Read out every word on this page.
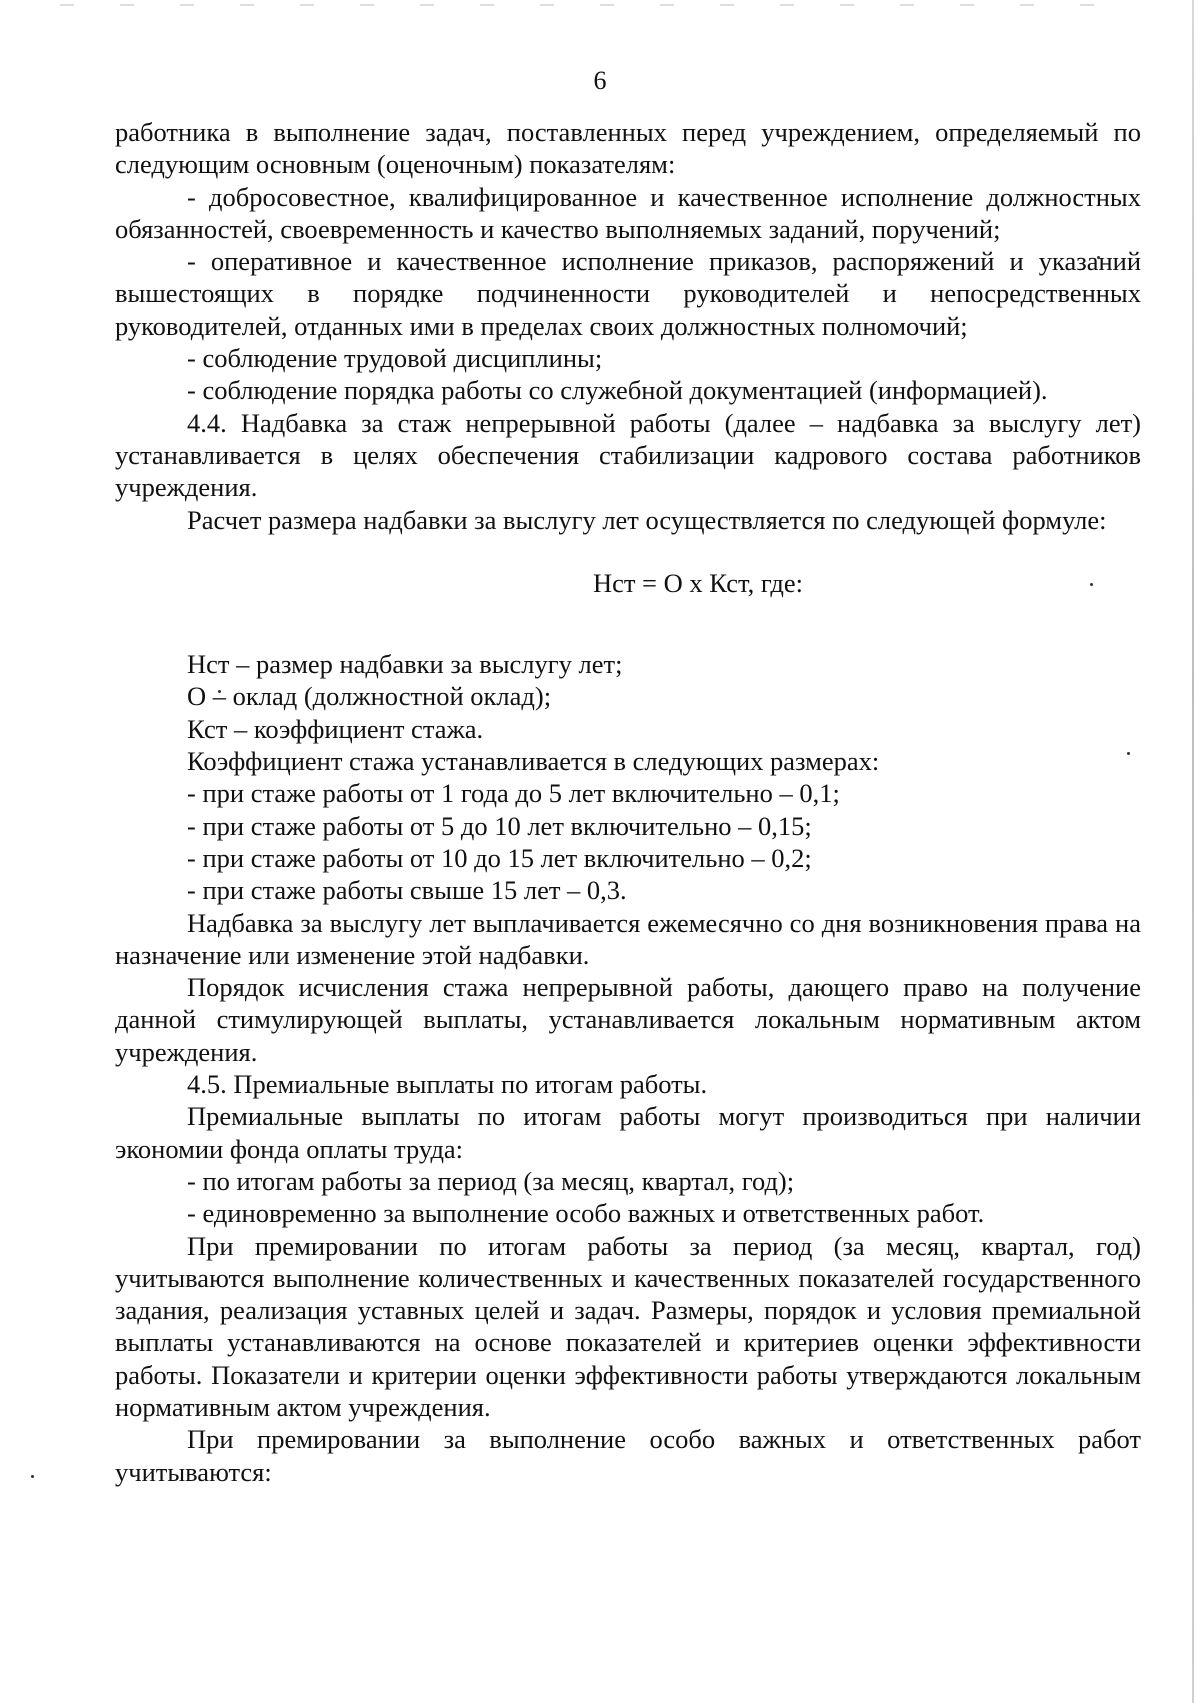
6

работника в выполнение задач, поставленных перед учреждением, определяемый по следующим основным (оценочным) показателям:

- добросовестное, квалифицированное и качественное исполнение должностных обязанностей, своевременность и качество выполняемых заданий, поручений;

- оперативное и качественное исполнение приказов, распоряжений и указаний вышестоящих в порядке подчиненности руководителей и непосредственных руководителей, отданных ими в пределах своих должностных полномочий;

- соблюдение трудовой дисциплины;

- соблюдение порядка работы со служебной документацией (информацией).

4.4. Надбавка за стаж непрерывной работы (далее – надбавка за выслугу лет) устанавливается в целях обеспечения стабилизации кадрового состава работников учреждения.

Расчет размера надбавки за выслугу лет осуществляется по следующей формуле:

Нст = О x Кст, где:

Нст – размер надбавки за выслугу лет;

О – оклад (должностной оклад);

Кст – коэффициент стажа.

Коэффициент стажа устанавливается в следующих размерах:

- при стаже работы от 1 года до 5 лет включительно – 0,1;

- при стаже работы от 5 до 10 лет включительно – 0,15;

- при стаже работы от 10 до 15 лет включительно – 0,2;

- при стаже работы свыше 15 лет – 0,3.

Надбавка за выслугу лет выплачивается ежемесячно со дня возникновения права на назначение или изменение этой надбавки.

Порядок исчисления стажа непрерывной работы, дающего право на получение данной стимулирующей выплаты, устанавливается локальным нормативным актом учреждения.

4.5. Премиальные выплаты по итогам работы.

Премиальные выплаты по итогам работы могут производиться при наличии экономии фонда оплаты труда:

- по итогам работы за период (за месяц, квартал, год);

- единовременно за выполнение особо важных и ответственных работ.

При премировании по итогам работы за период (за месяц, квартал, год) учитываются выполнение количественных и качественных показателей государственного задания, реализация уставных целей и задач. Размеры, порядок и условия премиальной выплаты устанавливаются на основе показателей и критериев оценки эффективности работы. Показатели и критерии оценки эффективности работы утверждаются локальным нормативным актом учреждения.

При премировании за выполнение особо важных и ответственных работ учитываются:
